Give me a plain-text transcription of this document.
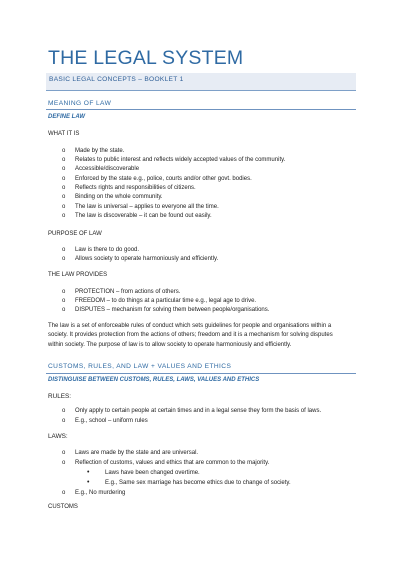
THE LEGAL SYSTEM
BASIC LEGAL CONCEPTS – BOOKLET 1
MEANING OF LAW
DEFINE LAW
WHAT IT IS
o	Made by the state.
o	Relates to public interest and reflects widely accepted values of the community.
o	Accessible/discoverable
o	Enforced by the state e.g., police, courts and/or other govt. bodies.
o	Reflects rights and responsibilities of citizens.
o	Binding on the whole community.
o	The law is universal – applies to everyone all the time.
o	The law is discoverable – it can be found out easily.
PURPOSE OF LAW
o	Law is there to do good.
o	Allows society to operate harmoniously and efficiently.
THE LAW PROVIDES
o	PROTECTION – from actions of others.
o	FREEDOM – to do things at a particular time e.g., legal age to drive.
o	DISPUTES – mechanism for solving them between people/organisations.
The law is a set of enforceable rules of conduct which sets guidelines for people and organisations within a
society. It provides protection from the actions of others; freedom and it is a mechanism for solving disputes
within society. The purpose of law is to allow society to operate harmoniously and efficiently.
CUSTOMS, RULES, AND LAW + VALUES AND ETHICS
DISTINGUISE BETWEEN CUSTOMS, RULES, LAWS, VALUES AND ETHICS
RULES:
o	Only apply to certain people at certain times and in a legal sense they form the basis of laws.
o	E.g., school – uniform rules
LAWS:
o	Laws are made by the state and are universal.
o	Reflection of customs, values and ethics that are common to the majority.
•	Laws have been changed overtime.
•	E.g., Same sex marriage has become ethics due to change of society.
o	E.g., No murdering
CUSTOMS
